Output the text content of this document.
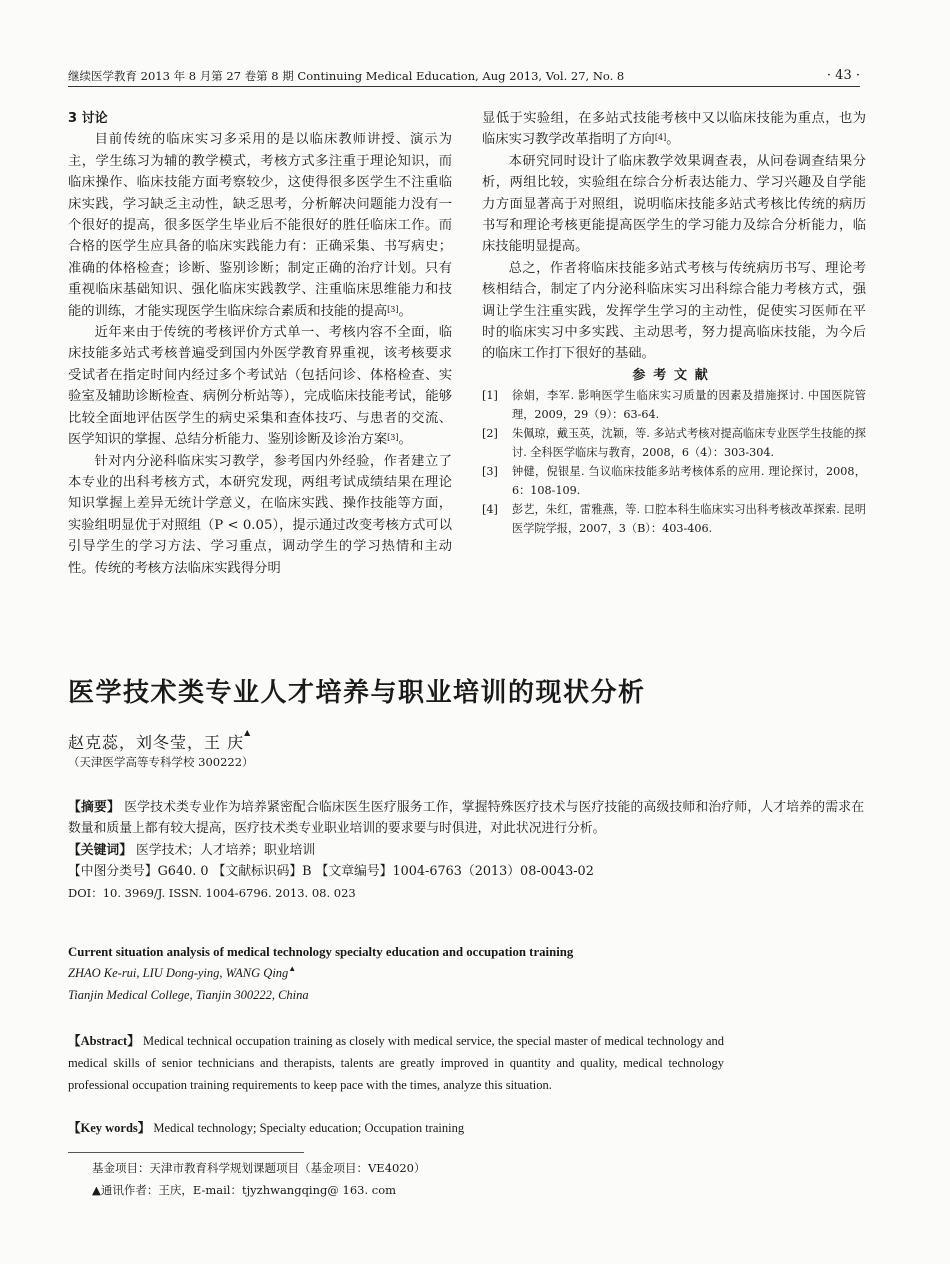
继续医学教育 2013 年 8 月第 27 卷第 8 期 Continuing Medical Education, Aug 2013, Vol. 27, No. 8	· 43 ·

3 讨论

目前传统的临床实习多采用的是以临床教师讲授、演示为主，学生练习为辅的教学模式，考核方式多注重于理论知识，而临床操作、临床技能方面考察较少，这使得很多医学生不注重临床实践，学习缺乏主动性，缺乏思考，分析解决问题能力没有一个很好的提高，很多医学生毕业后不能很好的胜任临床工作。而合格的医学生应具备的临床实践能力有：正确采集、书写病史；准确的体格检查；诊断、鉴别诊断；制定正确的治疗计划。只有重视临床基础知识、强化临床实践教学、注重临床思维能力和技能的训练，才能实现医学生临床综合素质和技能的提高[3]。

近年来由于传统的考核评价方式单一、考核内容不全面，临床技能多站式考核普遍受到国内外医学教育界重视，该考核要求受试者在指定时间内经过多个考试站（包括问诊、体格检查、实验室及辅助诊断检查、病例分析站等），完成临床技能考试，能够比较全面地评估医学生的病史采集和查体技巧、与患者的交流、医学知识的掌握、总结分析能力、鉴别诊断及诊治方案[3]。

针对内分泌科临床实习教学，参考国内外经验，作者建立了本专业的出科考核方式，本研究发现，两组考试成绩结果在理论知识掌握上差异无统计学意义，在临床实践、操作技能等方面，实验组明显优于对照组（P < 0.05），提示通过改变考核方式可以引导学生的学习方法、学习重点，调动学生的学习热情和主动性。传统的考核方法临床实践得分明

显低于实验组，在多站式技能考核中又以临床技能为重点，也为临床实习教学改革指明了方向[4]。

本研究同时设计了临床教学效果调查表，从问卷调查结果分析，两组比较，实验组在综合分析表达能力、学习兴趣及自学能力方面显著高于对照组，说明临床技能多站式考核比传统的病历书写和理论考核更能提高医学生的学习能力及综合分析能力，临床技能明显提高。

总之，作者将临床技能多站式考核与传统病历书写、理论考核相结合，制定了内分泌科临床实习出科综合能力考核方式，强调让学生注重实践，发挥学生学习的主动性，促使实习医师在平时的临床实习中多实践、主动思考，努力提高临床技能，为今后的临床工作打下很好的基础。

参考文献

[1]	徐娟，李军. 影响医学生临床实习质量的因素及措施探讨. 中国医院管理，2009，29（9）：63-64.
[2]	朱佩琼，戴玉英，沈颖，等. 多站式考核对提高临床专业医学生技能的探讨. 全科医学临床与教育，2008，6（4）：303-304.
[3]	钟健，倪银星. 刍议临床技能多站考核体系的应用. 理论探讨，2008，6：108-109.
[4]	彭艺，朱红，雷雅燕，等. 口腔本科生临床实习出科考核改革探索. 昆明医学院学报，2007，3（B）：403-406.
医学技术类专业人才培养与职业培训的现状分析
赵克蕊，刘冬莹，王 庆▲
（天津医学高等专科学校 300222）
【摘要】 医学技术类专业作为培养紧密配合临床医生医疗服务工作，掌握特殊医疗技术与医疗技能的高级技师和治疗师，人才培养的需求在数量和质量上都有较大提高，医疗技术类专业职业培训的要求要与时俱进，对此状况进行分析。
【关键词】 医学技术；人才培养；职业培训
【中图分类号】G640. 0 【文献标识码】B 【文章编号】1004-6763（2013）08-0043-02
DOI：10. 3969/J. ISSN. 1004-6796. 2013. 08. 023
Current situation analysis of medical technology specialty education and occupation training
ZHAO Ke-rui, LIU Dong-ying, WANG Qing▲
Tianjin Medical College, Tianjin 300222, China
【Abstract】 Medical technical occupation training as closely with medical service, the special master of medical technology and medical skills of senior technicians and therapists, talents are greatly improved in quantity and quality, medical technology professional occupation training requirements to keep pace with the times, analyze this situation.
【Key words】 Medical technology; Specialty education; Occupation training
基金项目：天津市教育科学规划课题项目（基金项目：VE4020）
▲通讯作者：王庆，E-mail：tjyzhwangqing@ 163. com
